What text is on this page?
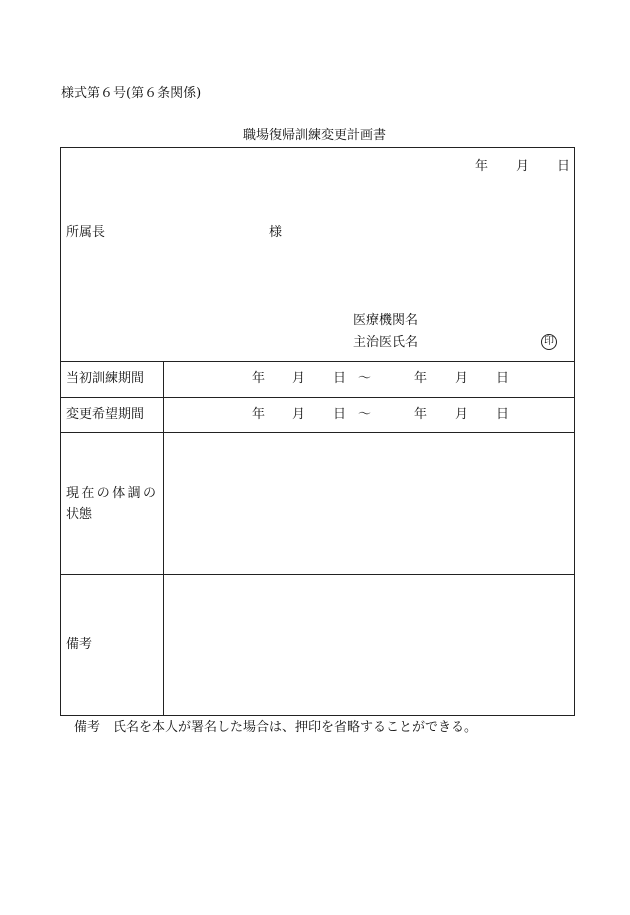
様式第６号(第６条関係)
職場復帰訓練変更計画書
年 月 日
所属長	様
医療機関名
主治医氏名	印
当初訓練期間	年 月 日 〜	年 月 日
変更希望期間	年 月 日 〜	年 月 日
現在の体調の
状態
備考
備考　氏名を本人が署名した場合は、押印を省略することができる。
